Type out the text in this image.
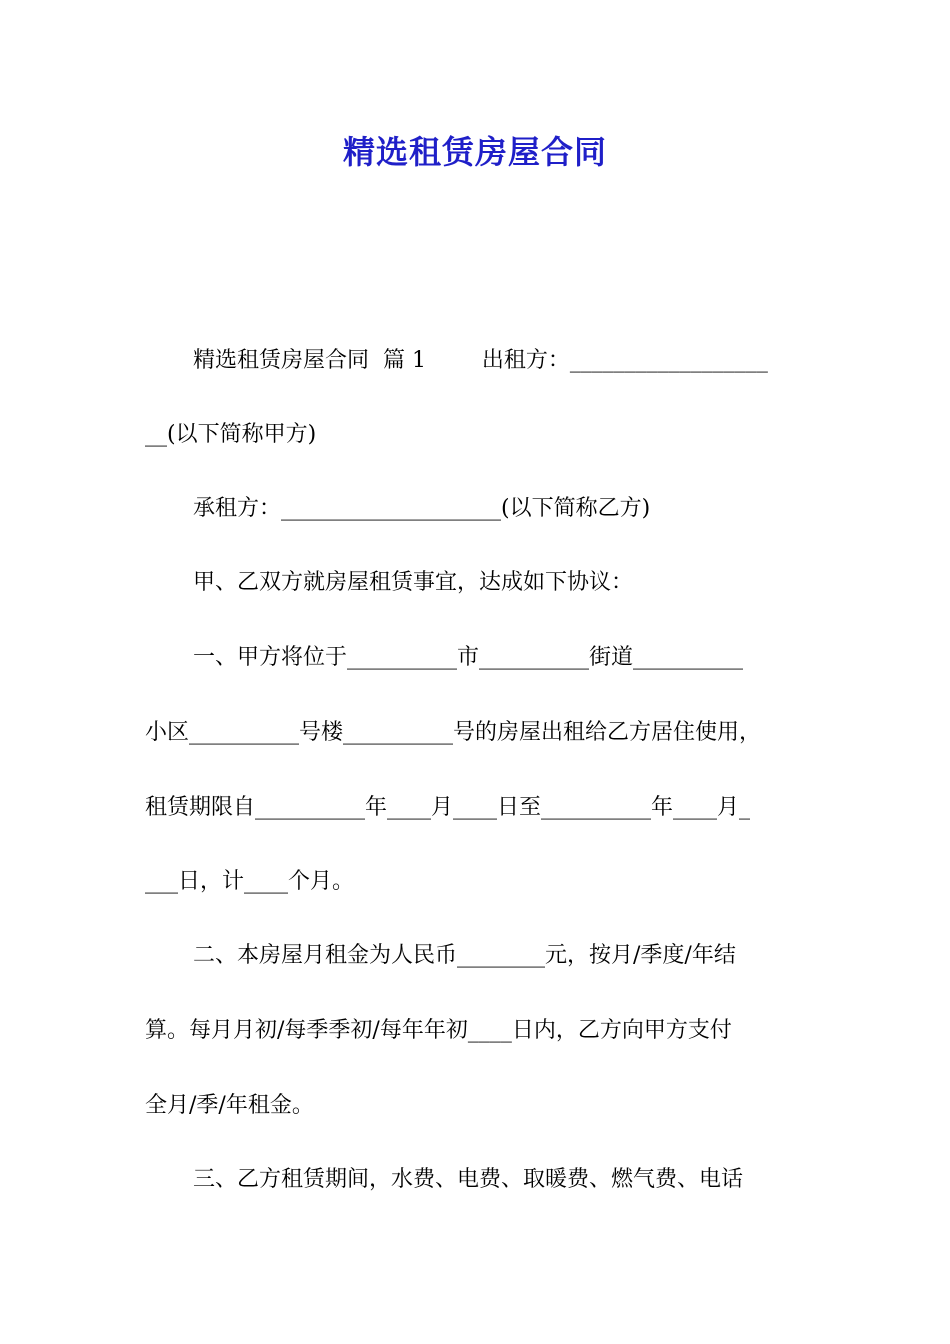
精选租赁房屋合同

精选租赁房屋合同  篇 1        出租方：__________________

__(以下简称甲方)

承租方：____________________(以下简称乙方)

甲、乙双方就房屋租赁事宜，达成如下协议：

一、甲方将位于__________市__________街道__________

小区__________号楼__________号的房屋出租给乙方居住使用，

租赁期限自__________年____月____日至__________年____月_

___日，计____个月。

二、本房屋月租金为人民币________元，按月/季度/年结

算。每月月初/每季季初/每年年初____日内，乙方向甲方支付

全月/季/年租金。

三、乙方租赁期间，水费、电费、取暖费、燃气费、电话
